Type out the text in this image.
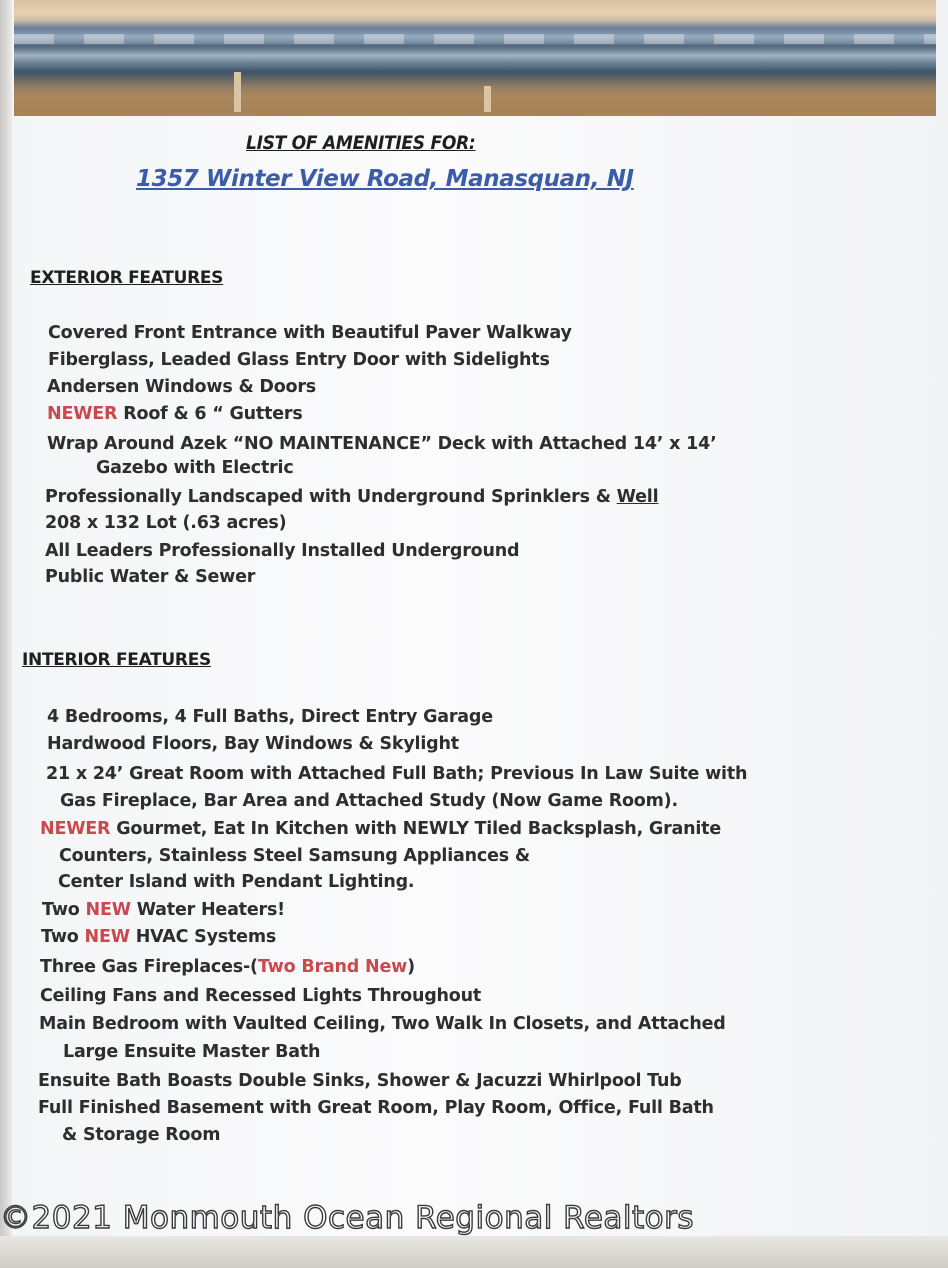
LIST OF AMENITIES FOR:
1357 Winter View Road, Manasquan, NJ
EXTERIOR FEATURES
Covered Front Entrance with Beautiful Paver Walkway
Fiberglass, Leaded Glass Entry Door with Sidelights
Andersen Windows & Doors
NEWER Roof & 6 “ Gutters
Wrap Around Azek “NO MAINTENANCE” Deck with Attached 14’ x 14’
Gazebo with Electric
Professionally Landscaped with Underground Sprinklers & Well
208 x 132 Lot (.63 acres)
All Leaders Professionally Installed Underground
Public Water & Sewer
INTERIOR FEATURES
4 Bedrooms, 4 Full Baths, Direct Entry Garage
Hardwood Floors, Bay Windows & Skylight
21 x 24’ Great Room with Attached Full Bath; Previous In Law Suite with
Gas Fireplace, Bar Area and Attached Study (Now Game Room).
NEWER Gourmet, Eat In Kitchen with NEWLY Tiled Backsplash, Granite
Counters, Stainless Steel Samsung Appliances &
Center Island with Pendant Lighting.
Two NEW Water Heaters!
Two NEW HVAC Systems
Three Gas Fireplaces-(Two Brand New)
Ceiling Fans and Recessed Lights Throughout
Main Bedroom with Vaulted Ceiling, Two Walk In Closets, and Attached
Large Ensuite Master Bath
Ensuite Bath Boasts Double Sinks, Shower & Jacuzzi Whirlpool Tub
Full Finished Basement with Great Room, Play Room, Office, Full Bath
& Storage Room
©2021 Monmouth Ocean Regional Realtors
